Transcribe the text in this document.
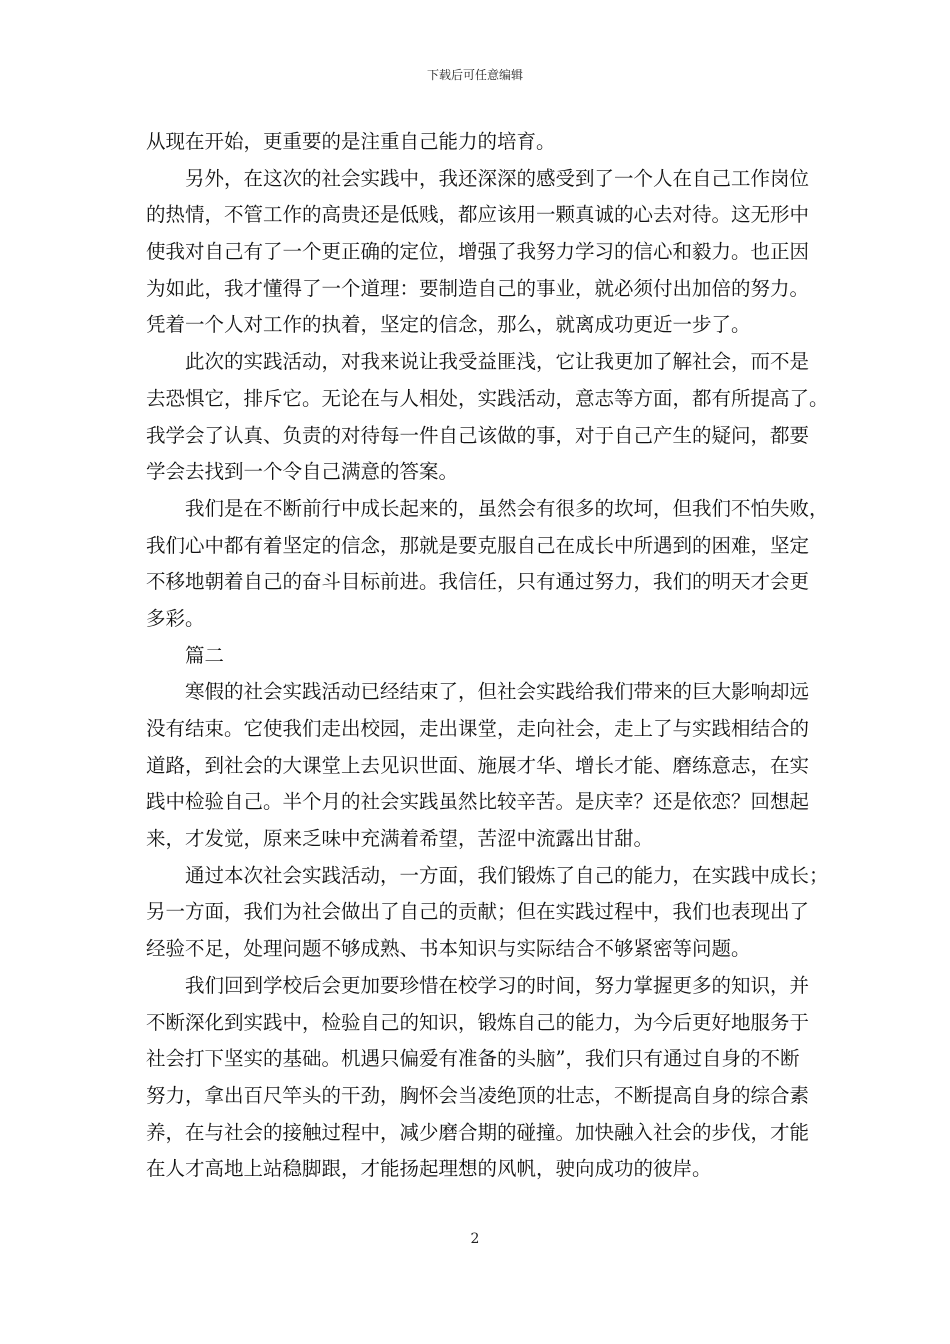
下载后可任意编辑
从现在开始，更重要的是注重自己能力的培育。
另外，在这次的社会实践中，我还深深的感受到了一个人在自己工作岗位
的热情，不管工作的高贵还是低贱，都应该用一颗真诚的心去对待。这无形中
使我对自己有了一个更正确的定位，增强了我努力学习的信心和毅力。也正因
为如此，我才懂得了一个道理：要制造自己的事业，就必须付出加倍的努力。
凭着一个人对工作的执着，坚定的信念，那么，就离成功更近一步了。
此次的实践活动，对我来说让我受益匪浅，它让我更加了解社会，而不是
去恐惧它，排斥它。无论在与人相处，实践活动，意志等方面，都有所提高了。
我学会了认真、负责的对待每一件自己该做的事，对于自己产生的疑问，都要
学会去找到一个令自己满意的答案。
我们是在不断前行中成长起来的，虽然会有很多的坎坷，但我们不怕失败，
我们心中都有着坚定的信念，那就是要克服自己在成长中所遇到的困难，坚定
不移地朝着自己的奋斗目标前进。我信任，只有通过努力，我们的明天才会更
多彩。
篇二
寒假的社会实践活动已经结束了，但社会实践给我们带来的巨大影响却远
没有结束。它使我们走出校园，走出课堂，走向社会，走上了与实践相结合的
道路，到社会的大课堂上去见识世面、施展才华、增长才能、磨练意志，在实
践中检验自己。半个月的社会实践虽然比较辛苦。是庆幸？还是依恋？回想起
来，才发觉，原来乏味中充满着希望，苦涩中流露出甘甜。
通过本次社会实践活动，一方面，我们锻炼了自己的能力，在实践中成长；
另一方面，我们为社会做出了自己的贡献；但在实践过程中，我们也表现出了
经验不足，处理问题不够成熟、书本知识与实际结合不够紧密等问题。
我们回到学校后会更加要珍惜在校学习的时间，努力掌握更多的知识，并
不断深化到实践中，检验自己的知识，锻炼自己的能力，为今后更好地服务于
社会打下坚实的基础。机遇只偏爱有准备的头脑”，我们只有通过自身的不断
努力，拿出百尺竿头的干劲，胸怀会当凌绝顶的壮志，不断提高自身的综合素
养，在与社会的接触过程中，减少磨合期的碰撞。加快融入社会的步伐，才能
在人才高地上站稳脚跟，才能扬起理想的风帆，驶向成功的彼岸。
2
